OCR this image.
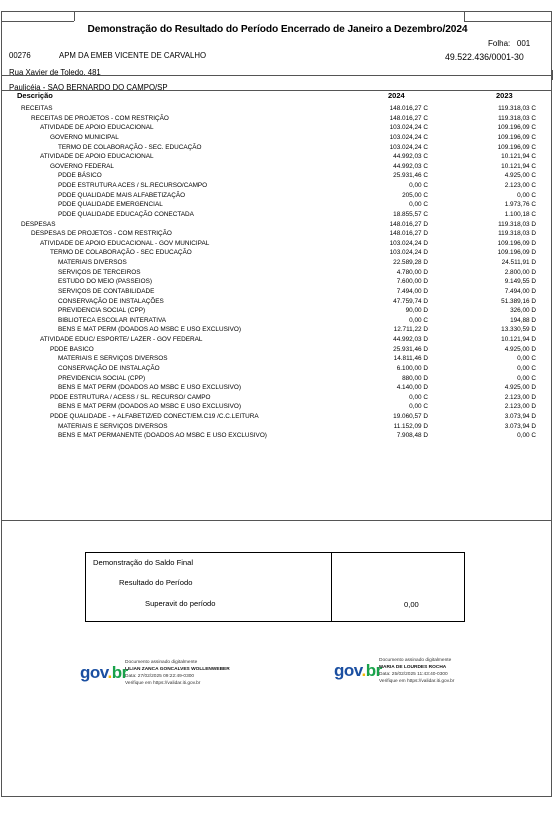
Demonstração do Resultado do Período Encerrado de Janeiro a Dezembro/2024
Folha: 001
00276	APM DA EMEB VICENTE DE CARVALHO	49.522.436/0001-30
Rua Xavier de Toledo, 481
Paulicéia - SAO BERNARDO DO CAMPO/SP
Descrição	2024	2023
RECEITAS	148.016,27 C	119.318,03 C
RECEITAS DE PROJETOS - COM RESTRIÇÃO	148.016,27 C	119.318,03 C
ATIVIDADE DE APOIO EDUCACIONAL	103.024,24 C	109.196,09 C
GOVERNO MUNICIPAL	103.024,24 C	109.196,09 C
TERMO DE COLABORAÇÃO - SEC. EDUCAÇÃO	103.024,24 C	109.196,09 C
ATIVIDADE DE APOIO EDUCACIONAL	44.992,03 C	10.121,94 C
GOVERNO FEDERAL	44.992,03 C	10.121,94 C
PDDE BÁSICO	25.931,46 C	4.925,00 C
PDDE ESTRUTURA ACES / SL.RECURSO/CAMPO	0,00 C	2.123,00 C
PDDE QUALIDADE MAIS ALFABETIZAÇÃO	205,00 C	0,00 C
PDDE QUALIDADE EMERGENCIAL	0,00 C	1.973,76 C
PDDE QUALIDADE EDUCAÇÃO CONECTADA	18.855,57 C	1.100,18 C
DESPESAS	148.016,27 D	119.318,03 D
DESPESAS DE PROJETOS - COM RESTRIÇÃO	148.016,27 D	119.318,03 D
ATIVIDADE DE APOIO EDUCACIONAL - GOV MUNICIPAL	103.024,24 D	109.196,09 D
TERMO DE COLABORAÇÃO - SEC EDUCAÇÃO	103.024,24 D	109.196,09 D
MATERIAIS DIVERSOS	22.589,28 D	24.511,91 D
SERVIÇOS DE TERCEIROS	4.780,00 D	2.800,00 D
ESTUDO DO MEIO (PASSEIOS)	7.600,00 D	9.149,55 D
SERVIÇOS DE CONTABILIDADE	7.494,00 D	7.494,00 D
CONSERVAÇÃO DE INSTALAÇÕES	47.759,74 D	51.389,16 D
PREVIDENCIA SOCIAL (CPP)	90,00 D	326,00 D
BIBLIOTECA ESCOLAR INTERATIVA	0,00 C	194,88 D
BENS E MAT PERM (DOADOS AO MSBC E USO EXCLUSIVO)	12.711,22 D	13.330,59 D
ATIVIDADE EDUC/ ESPORTE/ LAZER - GOV FEDERAL	44.992,03 D	10.121,94 D
PDDE BASICO	25.931,46 D	4.925,00 D
MATERIAIS E SERVIÇOS DIVERSOS	14.811,46 D	0,00 C
CONSERVAÇÃO DE INSTALAÇÃO	6.100,00 D	0,00 C
PREVIDENCIA SOCIAL (CPP)	880,00 D	0,00 C
BENS E MAT PERM (DOADOS AO MSBC E USO EXCLUSIVO)	4.140,00 D	4.925,00 D
PDDE ESTRUTURA / ACESS / SL. RECURSO/ CAMPO	0,00 C	2.123,00 D
BENS E MAT PERM (DOADOS AO MSBC E USO EXCLUSIVO)	0,00 C	2.123,00 D
PDDE QUALIDADE - + ALFABETIZ/ED CONECT/EM.C19 /C.C.LEITURA	19.060,57 D	3.073,94 D
MATERIAIS E SERVIÇOS DIVERSOS	11.152,09 D	3.073,94 D
BENS E MAT PERMANENTE (DOADOS AO MSBC E USO EXCLUSIVO)	7.908,48 D	0,00 C
Demonstração do Saldo Final
Resultado do Período
Superavit do período	0,00
gov.br
Documento assinado digitalmente
LILIAN ZANCA GONCALVES WOLLENWEBER
Data: 27/02/2025 09:22:49-0300
Verifique em https://validar.iti.gov.br
gov.br
Documento assinado digitalmente
MARIA DE LOURDES ROCHA
Data: 25/02/2025 11:43:40-0300
Verifique em https://validar.iti.gov.br
